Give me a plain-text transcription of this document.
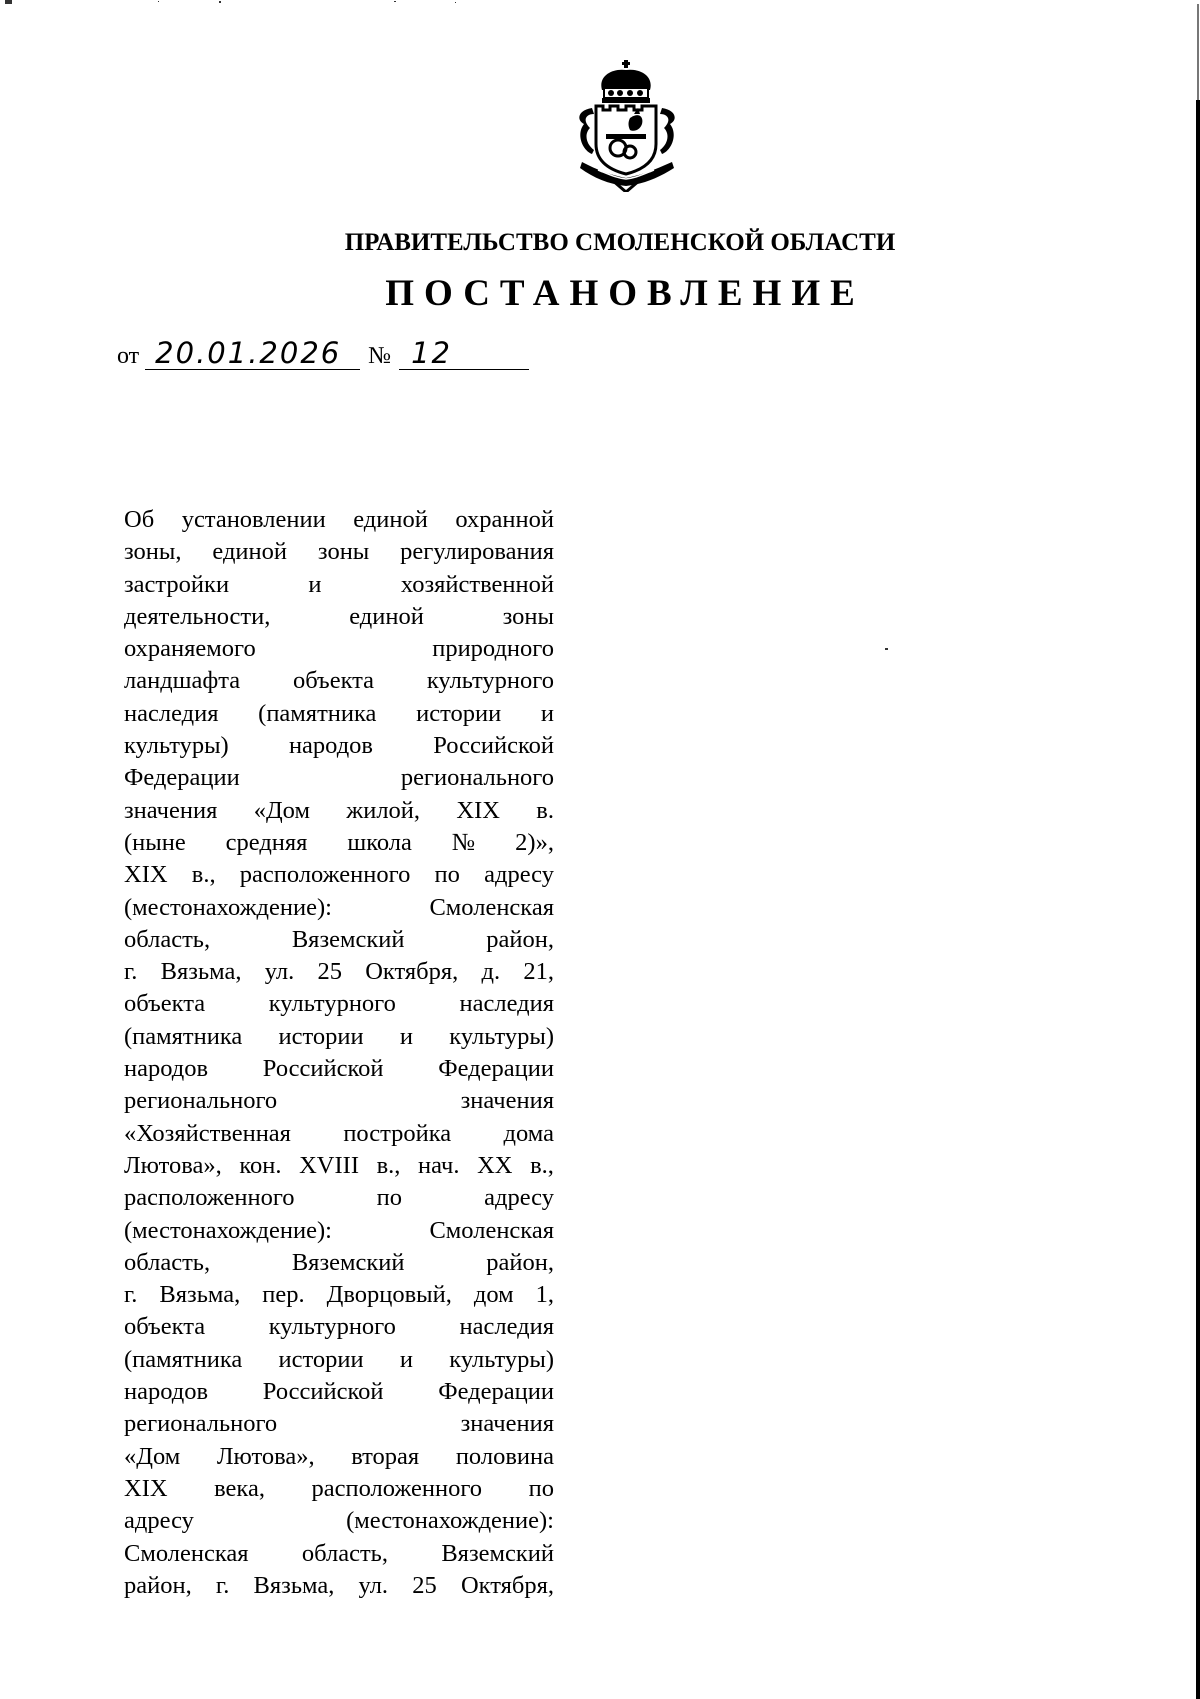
ПРАВИТЕЛЬСТВО СМОЛЕНСКОЙ ОБЛАСТИ
ПОСТАНОВЛЕНИЕ
от 20.01.2026	№ 12
Об установлении единой охранной
зоны, единой зоны регулирования
застройки	и	хозяйственной
деятельности,	единой	зоны
охраняемого	природного
ландшафта объекта культурного
наследия (памятника истории и
культуры) народов Российской
Федерации	регионального
значения «Дом жилой, XIX в.
(ныне средняя школа № 2)»,
XIX в., расположенного по адресу
(местонахождение):	Смоленская
область,	Вяземский	район,
г. Вязьма, ул. 25 Октября, д. 21,
объекта	культурного	наследия
(памятника истории и культуры)
народов Российской Федерации
регионального	значения
«Хозяйственная постройка дома
Лютова», кон. XVIII в., нач. XX в.,
расположенного	по	адресу
(местонахождение):	Смоленская
область,	Вяземский	район,
г. Вязьма, пер. Дворцовый, дом 1,
объекта	культурного	наследия
(памятника истории и культуры)
народов Российской Федерации
регионального	значения
«Дом Лютова», вторая половина
XIX века, расположенного по
адресу	(местонахождение):
Смоленская область, Вяземский
район, г. Вязьма, ул. 25 Октября,
